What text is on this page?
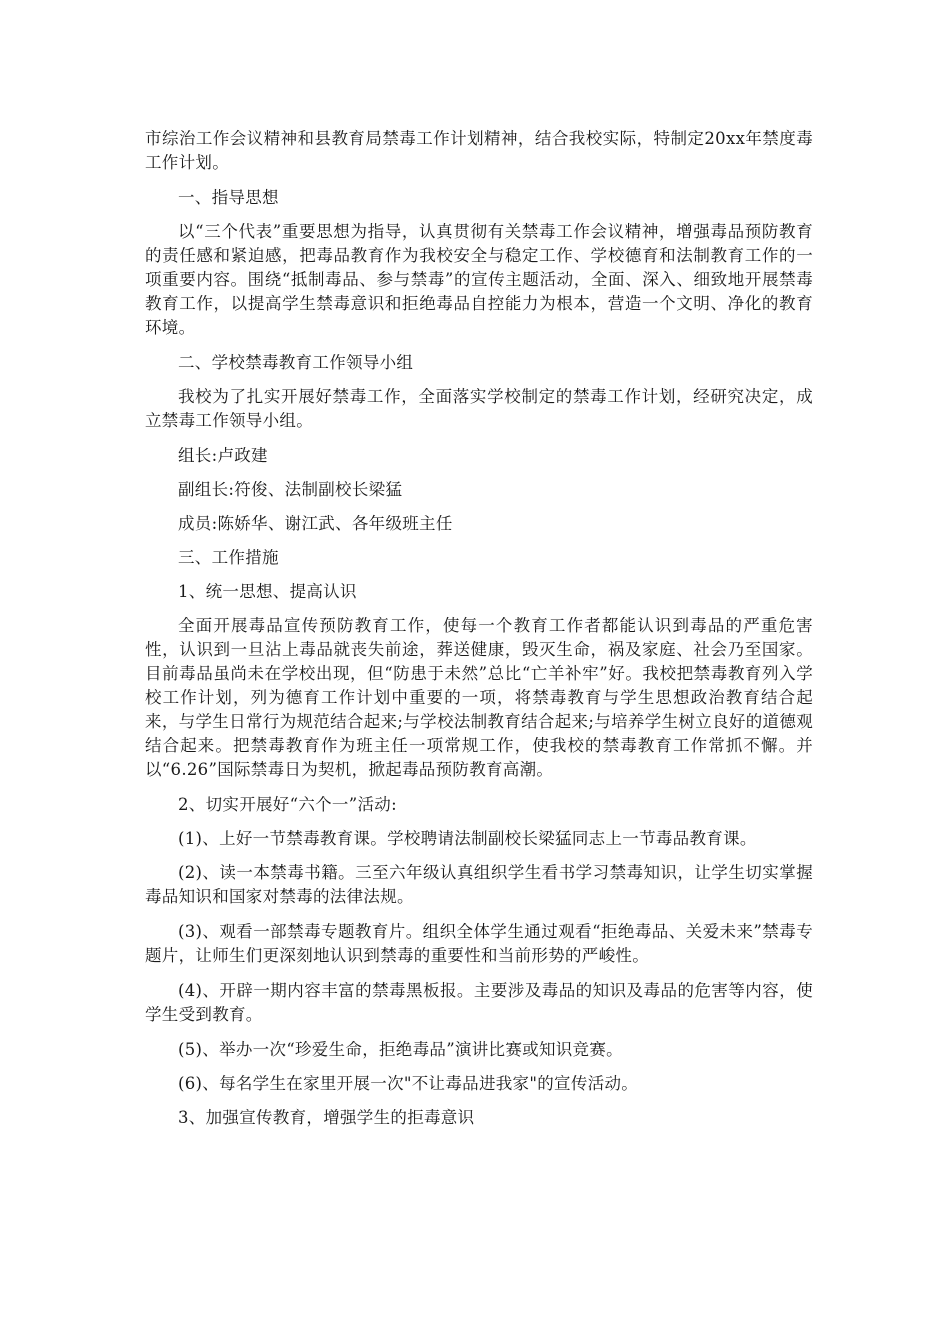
市综治工作会议精神和县教育局禁毒工作计划精神，结合我校实际，特制定20xx年禁度毒工作计划。

一、指导思想

以“三个代表”重要思想为指导，认真贯彻有关禁毒工作会议精神，增强毒品预防教育的责任感和紧迫感，把毒品教育作为我校安全与稳定工作、学校德育和法制教育工作的一项重要内容。围绕“抵制毒品、参与禁毒”的宣传主题活动，全面、深入、细致地开展禁毒教育工作，以提高学生禁毒意识和拒绝毒品自控能力为根本，营造一个文明、净化的教育环境。

二、学校禁毒教育工作领导小组

我校为了扎实开展好禁毒工作，全面落实学校制定的禁毒工作计划，经研究决定，成立禁毒工作领导小组。

组长:卢政建

副组长:符俊、法制副校长梁猛

成员:陈娇华、谢江武、各年级班主任

三、工作措施

1、统一思想、提高认识

全面开展毒品宣传预防教育工作，使每一个教育工作者都能认识到毒品的严重危害性，认识到一旦沾上毒品就丧失前途，葬送健康，毁灭生命，祸及家庭、社会乃至国家。目前毒品虽尚未在学校出现，但“防患于未然”总比“亡羊补牢”好。我校把禁毒教育列入学校工作计划，列为德育工作计划中重要的一项，将禁毒教育与学生思想政治教育结合起来，与学生日常行为规范结合起来;与学校法制教育结合起来;与培养学生树立良好的道德观结合起来。把禁毒教育作为班主任一项常规工作，使我校的禁毒教育工作常抓不懈。并以“6.26”国际禁毒日为契机，掀起毒品预防教育高潮。

2、切实开展好“六个一”活动:

(1)、上好一节禁毒教育课。学校聘请法制副校长梁猛同志上一节毒品教育课。

(2)、读一本禁毒书籍。三至六年级认真组织学生看书学习禁毒知识，让学生切实掌握毒品知识和国家对禁毒的法律法规。

(3)、观看一部禁毒专题教育片。组织全体学生通过观看“拒绝毒品、关爱未来”禁毒专题片，让师生们更深刻地认识到禁毒的重要性和当前形势的严峻性。

(4)、开辟一期内容丰富的禁毒黑板报。主要涉及毒品的知识及毒品的危害等内容，使学生受到教育。

(5)、举办一次“珍爱生命，拒绝毒品”演讲比赛或知识竞赛。

(6)、每名学生在家里开展一次"不让毒品进我家"的宣传活动。

3、加强宣传教育，增强学生的拒毒意识
